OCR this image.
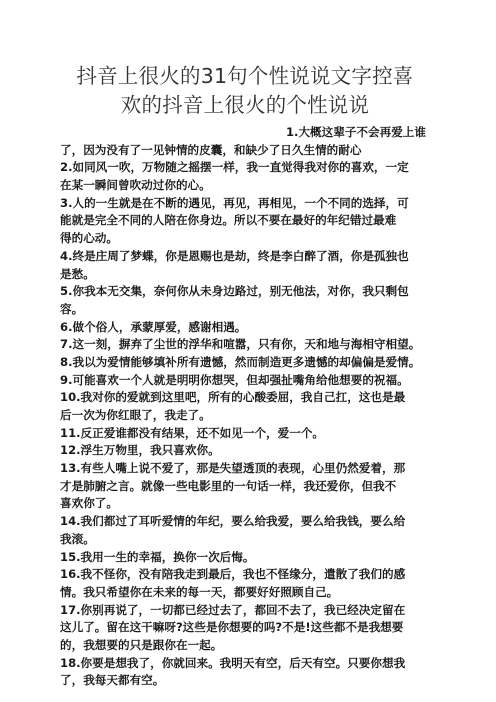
抖音上很火的31句个性说说文字控喜
欢的抖音上很火的个性说说
1.大概这辈子不会再爱上谁
了，因为没有了一见钟情的皮囊，和缺少了日久生情的耐心
2.如同风一吹，万物随之摇摆一样，我一直觉得我对你的喜欢，一定
在某一瞬间曾吹动过你的心。
3.人的一生就是在不断的遇见，再见，再相见，一个不同的选择，可
能就是完全不同的人陪在你身边。所以不要在最好的年纪错过最难
得的心动。
4.终是庄周了梦蝶，你是恩赐也是劫，终是李白醉了酒，你是孤独也
是愁。
5.你我本无交集，奈何你从未身边路过，别无他法，对你，我只剩包
容。
6.做个俗人，承蒙厚爱，感谢相遇。
7.这一刻，摒弃了尘世的浮华和喧嚣，只有你，天和地与海相守相望。
8.我以为爱情能够填补所有遗憾，然而制造更多遗憾的却偏偏是爱情。
9.可能喜欢一个人就是明明你想哭，但却强扯嘴角给他想要的祝福。
10.我对你的爱就到这里吧，所有的心酸委屈，我自己扛，这也是最
后一次为你红眼了，我走了。
11.反正爱谁都没有结果，还不如见一个，爱一个。
12.浮生万物里，我只喜欢你。
13.有些人嘴上说不爱了，那是失望透顶的表现，心里仍然爱着，那
才是肺腑之言。就像一些电影里的一句话一样，我还爱你，但我不
喜欢你了。
14.我们都过了耳听爱情的年纪，要么给我爱，要么给我钱，要么给
我滚。
15.我用一生的幸福，换你一次后悔。
16.我不怪你，没有陪我走到最后，我也不怪缘分，遣散了我们的感
情。我只希望你在未来的每一天，都要好好照顾自己。
17.你别再说了，一切都已经过去了，都回不去了，我已经决定留在
这儿了。留在这干嘛呀?这些是你想要的吗?不是!这些都不是我想要
的，我想要的只是跟你在一起。
18.你要是想我了，你就回来。我明天有空，后天有空。只要你想我
了，我每天都有空。
